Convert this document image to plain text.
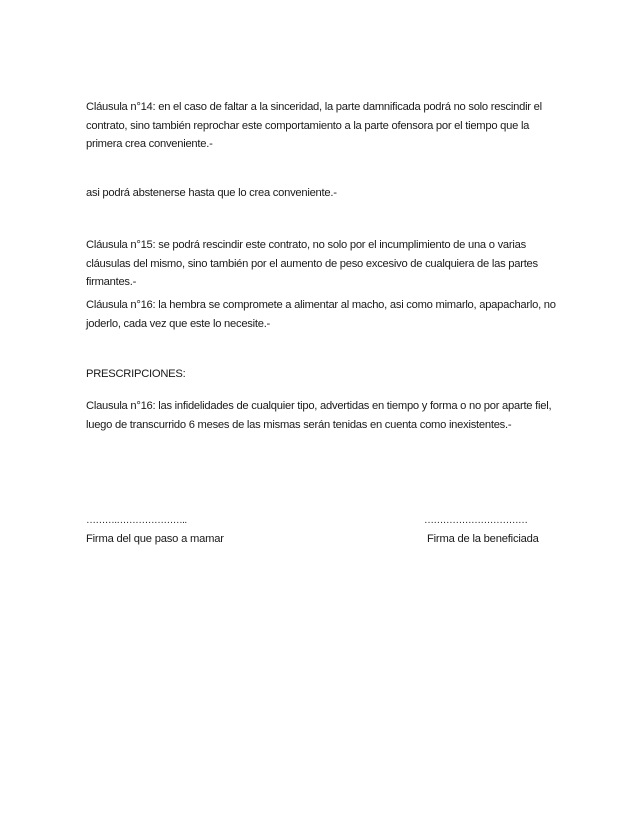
Cláusula n°14: en el caso de faltar a la sinceridad, la parte damnificada podrá no solo rescindir el contrato, sino también reprochar este comportamiento a la parte ofensora por el tiempo que la primera crea conveniente.-

asi podrá abstenerse hasta que lo crea conveniente.-

Cláusula n°15: se podrá rescindir este contrato, no solo por el incumplimiento de una o varias cláusulas del mismo, sino también por el aumento de peso excesivo de cualquiera de las partes firmantes.-

Cláusula n°16: la hembra se compromete a alimentar al macho, asi como mimarlo, apapacharlo, no joderlo, cada vez que este lo necesite.-

PRESCRIPCIONES:

Clausula n°16: las infidelidades de cualquier tipo, advertidas en tiempo y forma o no por aparte fiel, luego de transcurrido 6 meses de las mismas serán tenidas en cuenta como inexistentes.-

……….…………………..	……………………………
Firma del que paso a mamar	Firma de la beneficiada
